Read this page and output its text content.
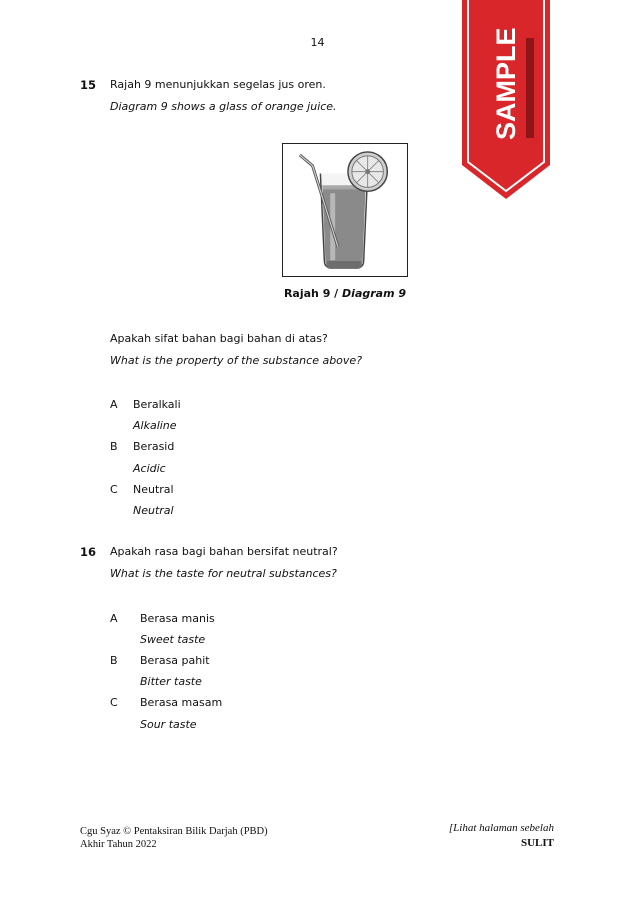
14	SAMPLE
15 Rajah 9 menunjukkan segelas jus oren.
Diagram 9 shows a glass of orange juice.
Rajah 9 / Diagram 9
Apakah sifat bahan bagi bahan di atas?
What is the property of the substance above?
A Beralkali
Alkaline
B Berasid
Acidic
C Neutral
Neutral
16 Apakah rasa bagi bahan bersifat neutral?
What is the taste for neutral substances?
A Berasa manis
Sweet taste
B Berasa pahit
Bitter taste
C Berasa masam
Sour taste
Cgu Syaz © Pentaksiran Bilik Darjah (PBD)
Akhir Tahun 2022
[Lihat halaman sebelah
SULIT
